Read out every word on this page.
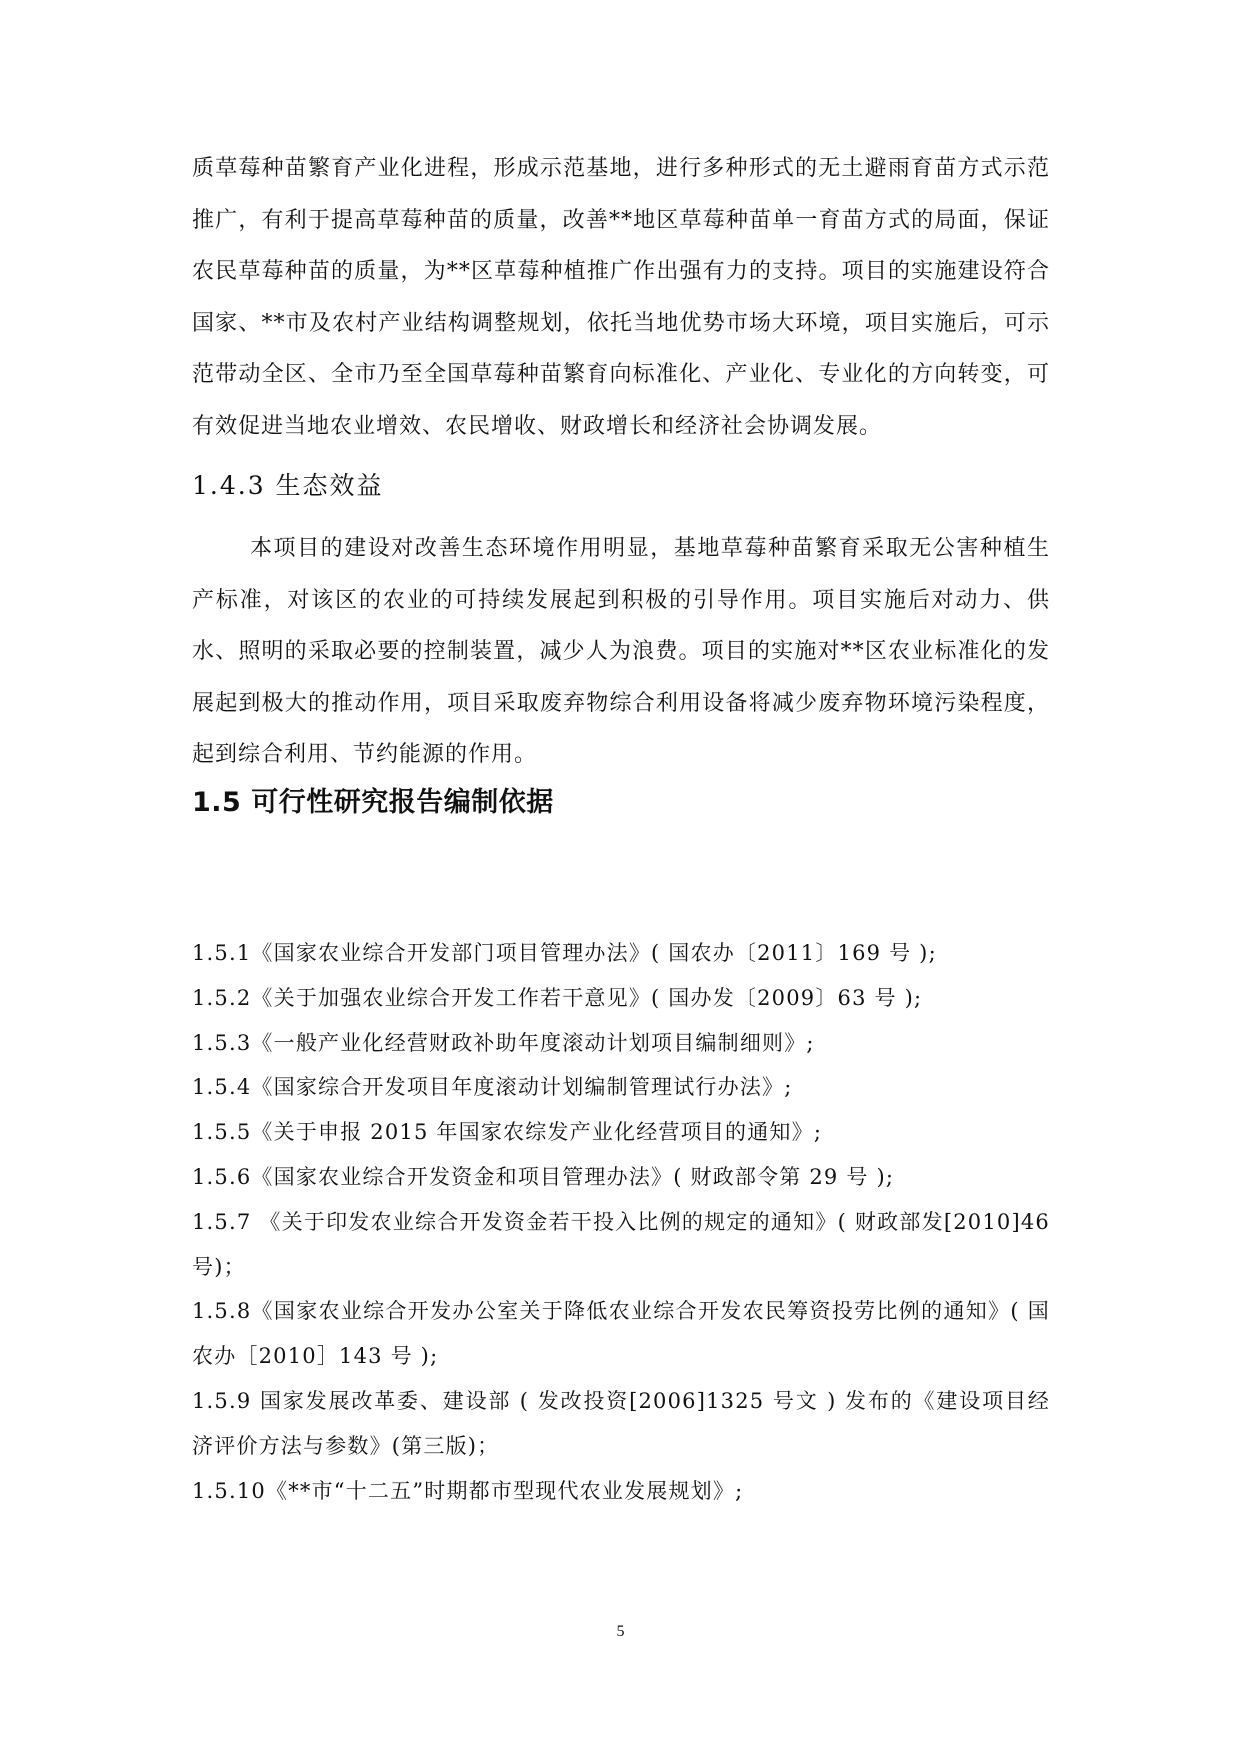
质草莓种苗繁育产业化进程，形成示范基地，进行多种形式的无土避雨育苗方式示范推广，有利于提高草莓种苗的质量，改善**地区草莓种苗单一育苗方式的局面，保证农民草莓种苗的质量，为**区草莓种植推广作出强有力的支持。项目的实施建设符合国家、**市及农村产业结构调整规划，依托当地优势市场大环境，项目实施后，可示范带动全区、全市乃至全国草莓种苗繁育向标准化、产业化、专业化的方向转变，可有效促进当地农业增效、农民增收、财政增长和经济社会协调发展。

1.4.3 生态效益

本项目的建设对改善生态环境作用明显，基地草莓种苗繁育采取无公害种植生产标准，对该区的农业的可持续发展起到积极的引导作用。项目实施后对动力、供水、照明的采取必要的控制装置，减少人为浪费。项目的实施对**区农业标准化的发展起到极大的推动作用，项目采取废弃物综合利用设备将减少废弃物环境污染程度，起到综合利用、节约能源的作用。

1.5 可行性研究报告编制依据

1.5.1《国家农业综合开发部门项目管理办法》( 国农办〔2011〕169 号 );
1.5.2《关于加强农业综合开发工作若干意见》( 国办发〔2009〕63 号 );
1.5.3《一般产业化经营财政补助年度滚动计划项目编制细则》;
1.5.4《国家综合开发项目年度滚动计划编制管理试行办法》;
1.5.5《关于申报 2015 年国家农综发产业化经营项目的通知》;
1.5.6《国家农业综合开发资金和项目管理办法》( 财政部令第 29 号 );
1.5.7 《关于印发农业综合开发资金若干投入比例的规定的通知》( 财政部发[2010]46 号)；
1.5.8《国家农业综合开发办公室关于降低农业综合开发农民筹资投劳比例的通知》( 国农办［2010］143 号 );
1.5.9 国家发展改革委、建设部 ( 发改投资[2006]1325 号文 ) 发布的《建设项目经济评价方法与参数》(第三版)；
1.5.10《**市“十二五”时期都市型现代农业发展规划》;
5
